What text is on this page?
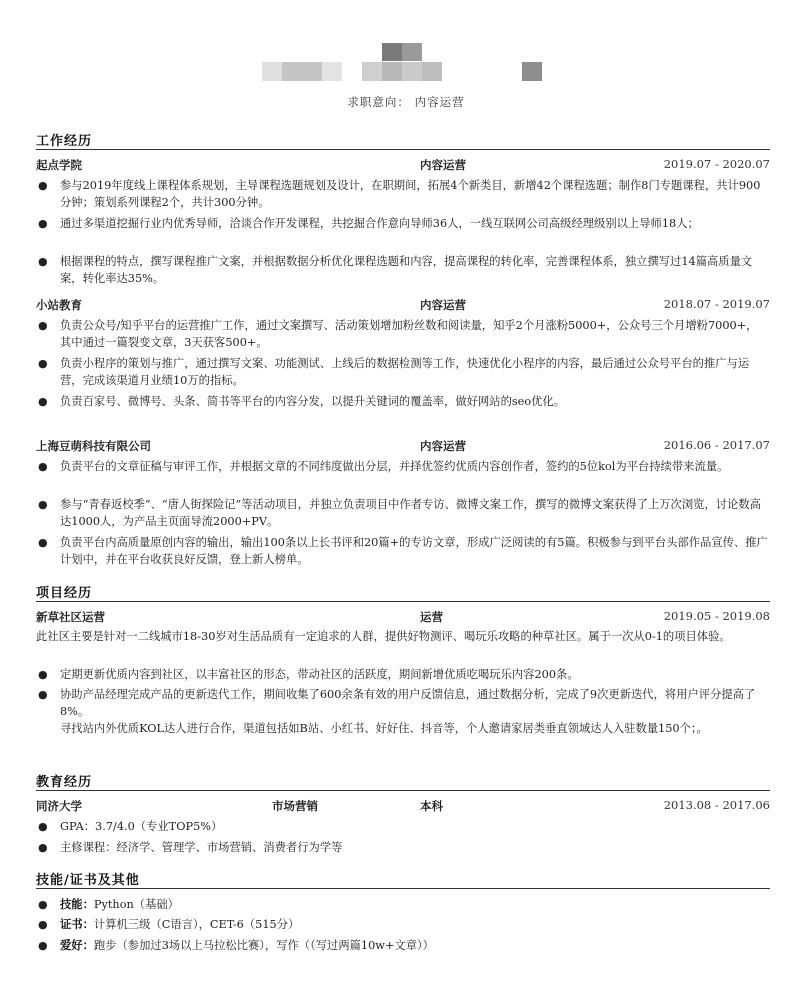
求职意向： 内容运营
工作经历
起点学院	内容运营	2019.07 - 2020.07
● 参与2019年度线上课程体系规划，主导课程选题规划及设计，在职期间，拓展4个新类目，新增42个课程选题；制作8门专题课程，共计900分钟；策划系列课程2个，共计300分钟。
● 通过多渠道挖掘行业内优秀导师，洽谈合作开发课程，共挖掘合作意向导师36人，一线互联网公司高级经理级别以上导师18人；
● 根据课程的特点，撰写课程推广文案，并根据数据分析优化课程选题和内容，提高课程的转化率，完善课程体系，独立撰写过14篇高质量文案，转化率达35%。
小站教育	内容运营	2018.07 - 2019.07
● 负责公众号/知乎平台的运营推广工作，通过文案撰写、活动策划增加粉丝数和阅读量，知乎2个月涨粉5000+，公众号三个月增粉7000+，其中通过一篇裂变文章，3天获客500+。
● 负责小程序的策划与推广，通过撰写文案、功能测试、上线后的数据检测等工作，快速优化小程序的内容，最后通过公众号平台的推广与运营，完成该渠道月业绩10万的指标。
● 负责百家号、微博号、头条、简书等平台的内容分发，以提升关键词的覆盖率，做好网站的seo优化。
上海豆萌科技有限公司	内容运营	2016.06 - 2017.07
● 负责平台的文章征稿与审评工作，并根据文章的不同纬度做出分层，并择优签约优质内容创作者，签约的5位kol为平台持续带来流量。
● 参与“青春返校季”、“唐人街探险记”等活动项目，并独立负责项目中作者专访、微博文案工作，撰写的微博文案获得了上万次浏览，讨论数高达1000人，为产品主页面导流2000+PV。
● 负责平台内高质量原创内容的输出，输出100条以上长书评和20篇+的专访文章，形成广泛阅读的有5篇。积极参与到平台头部作品宣传、推广计划中，并在平台收获良好反馈，登上新人榜单。
项目经历
新草社区运营	运营	2019.05 - 2019.08
此社区主要是针对一二线城市18-30岁对生活品质有一定追求的人群，提供好物测评、喝玩乐攻略的种草社区。属于一次从0-1的项目体验。
● 定期更新优质内容到社区，以丰富社区的形态，带动社区的活跃度，期间新增优质吃喝玩乐内容200条。
● 协助产品经理完成产品的更新迭代工作，期间收集了600余条有效的用户反馈信息，通过数据分析，完成了9次更新迭代，将用户评分提高了8%。
寻找站内外优质KOL达人进行合作，渠道包括如B站、小红书、好好住、抖音等，个人邀请家居类垂直领域达人入驻数量150个；。
教育经历
同济大学	市场营销	本科	2013.08 - 2017.06
● GPA：3.7/4.0（专业TOP5%）
● 主修课程：经济学、管理学、市场营销、消费者行为学等
技能/证书及其他
● 技能：Python（基础）
● 证书：计算机三级（C语言），CET-6（515分）
● 爱好：跑步（参加过3场以上马拉松比赛），写作（（写过两篇10w+文章））
